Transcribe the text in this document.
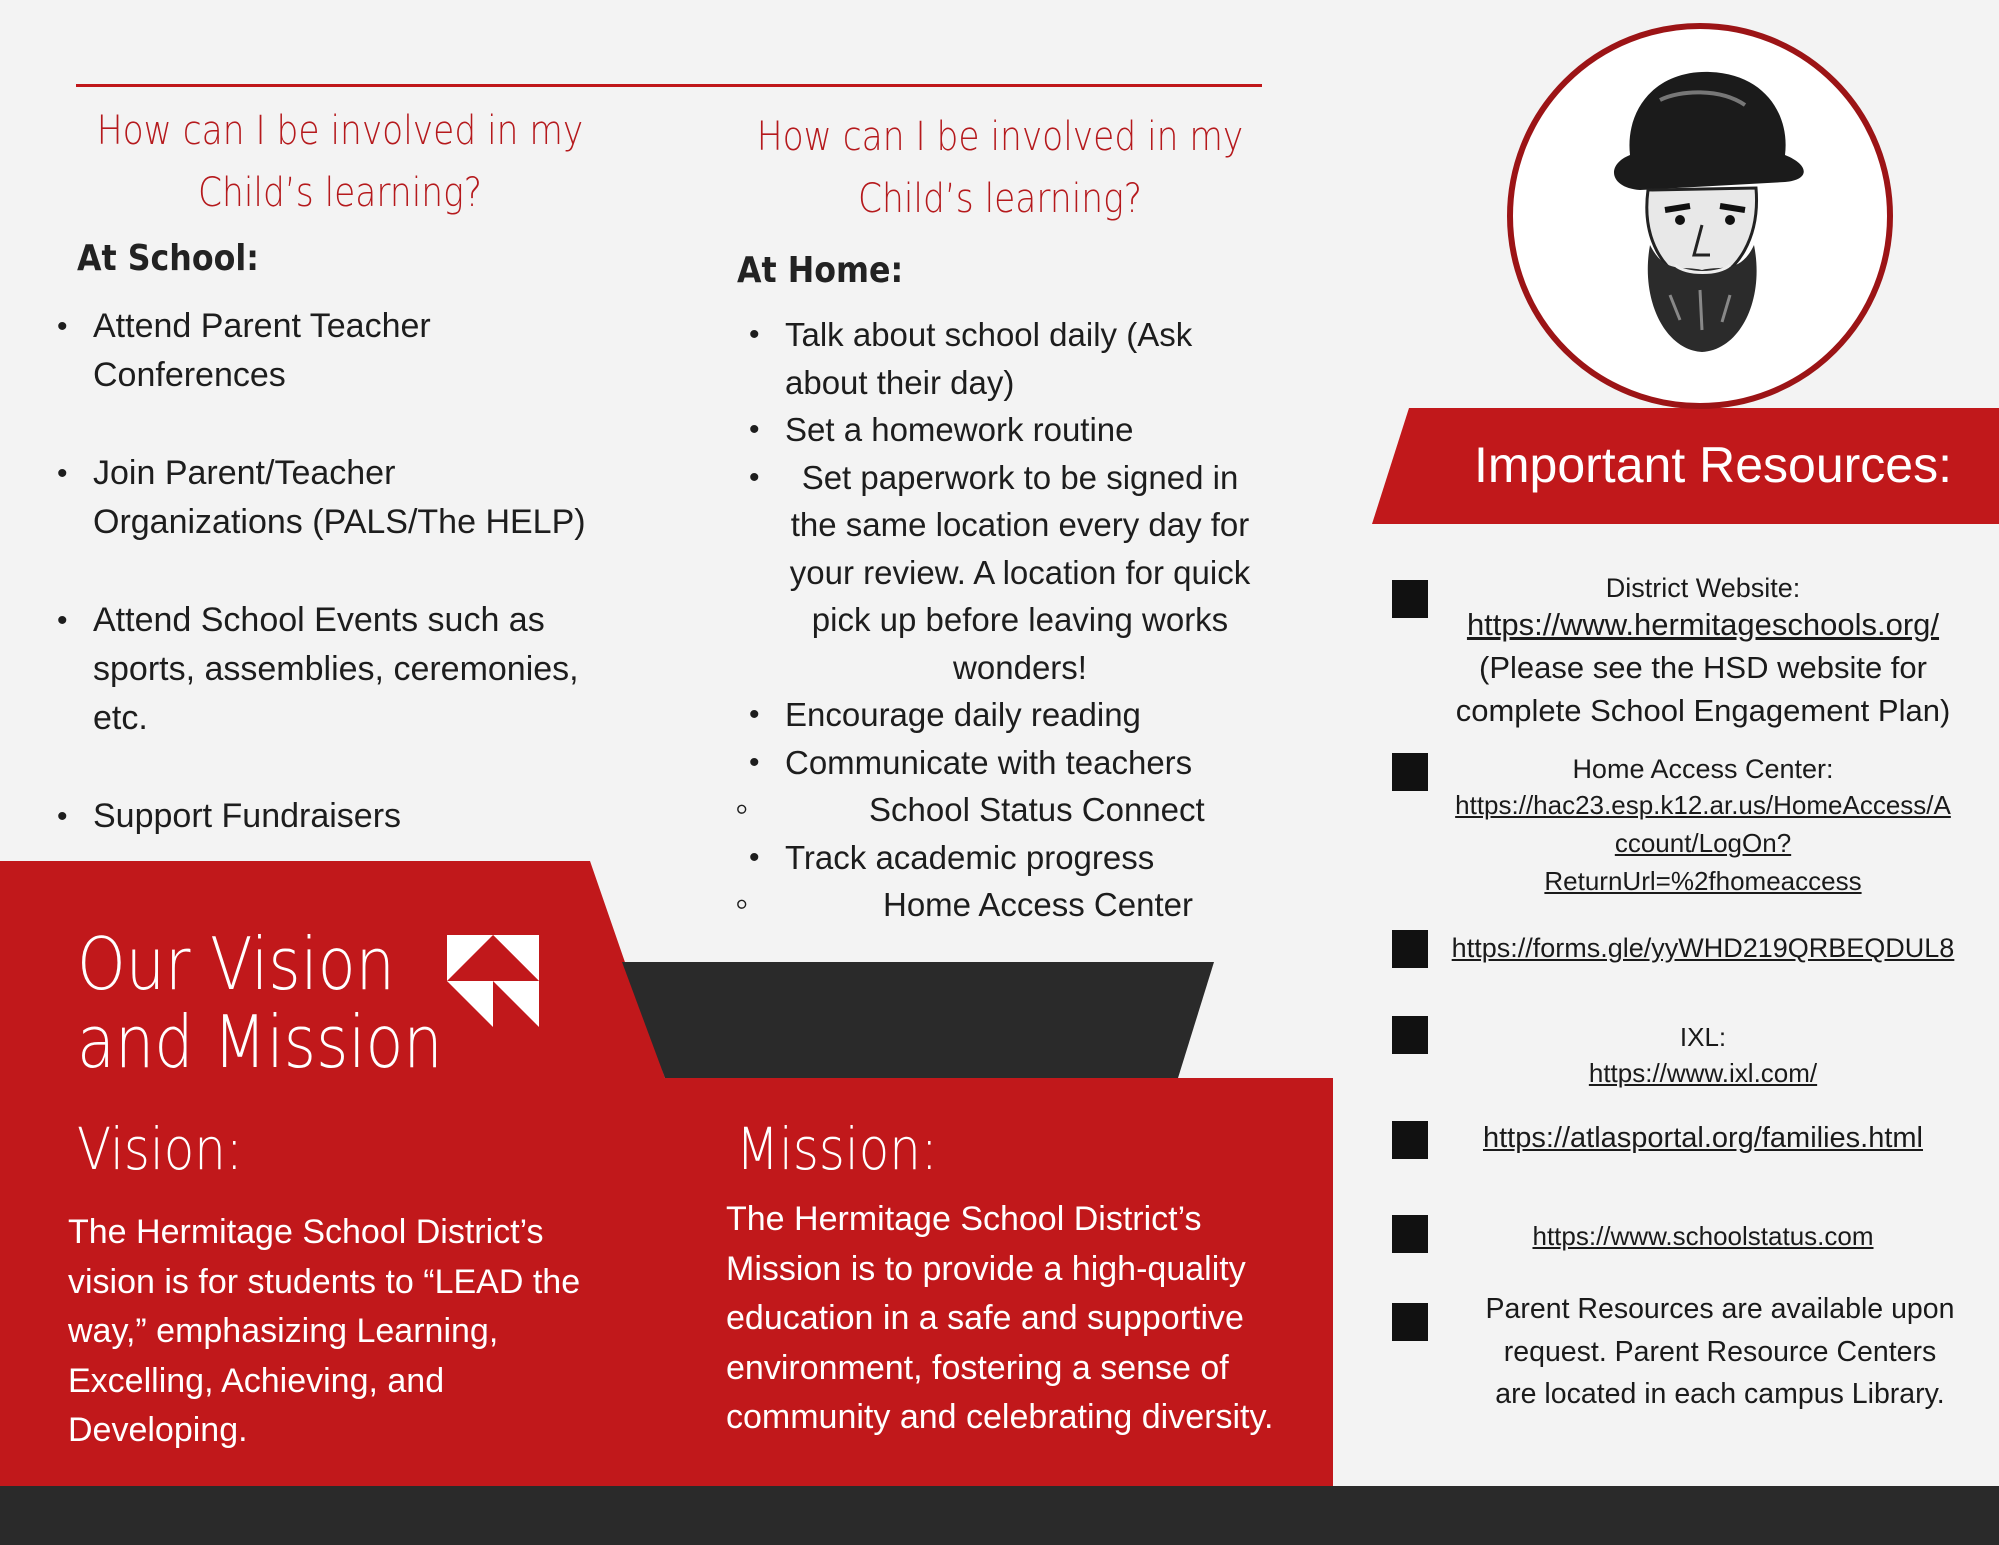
How can I be involved in my Child’s learning?
At School:
• Attend Parent Teacher Conferences
• Join Parent/Teacher Organizations (PALS/The HELP)
• Attend School Events such as sports, assemblies, ceremonies, etc.
• Support Fundraisers
How can I be involved in my Child’s learning?
At Home:
• Talk about school daily (Ask about their day)
• Set a homework routine
• Set paperwork to be signed in the same location every day for your review. A location for quick pick up before leaving works wonders!
• Encourage daily reading
• Communicate with teachers
◦ School Status Connect
• Track academic progress
◦ Home Access Center
Our Vision
and Mission
Vision:
The Hermitage School District’s vision is for students to “LEAD the way,” emphasizing Learning, Excelling, Achieving, and Developing.
Mission:
The Hermitage School District’s Mission is to provide a high-quality education in a safe and supportive environment, fostering a sense of community and celebrating diversity.
Important Resources:
District Website:
https://www.hermitageschools.org/
(Please see the HSD website for complete School Engagement Plan)
Home Access Center:
https://hac23.esp.k12.ar.us/HomeAccess/A
ccount/LogOn?
ReturnUrl=%2fhomeaccess
https://forms.gle/yyWHD219QRBEQDUL8
IXL:
https://www.ixl.com/
https://atlasportal.org/families.html
https://www.schoolstatus.com
Parent Resources are available upon request. Parent Resource Centers are located in each campus Library.
